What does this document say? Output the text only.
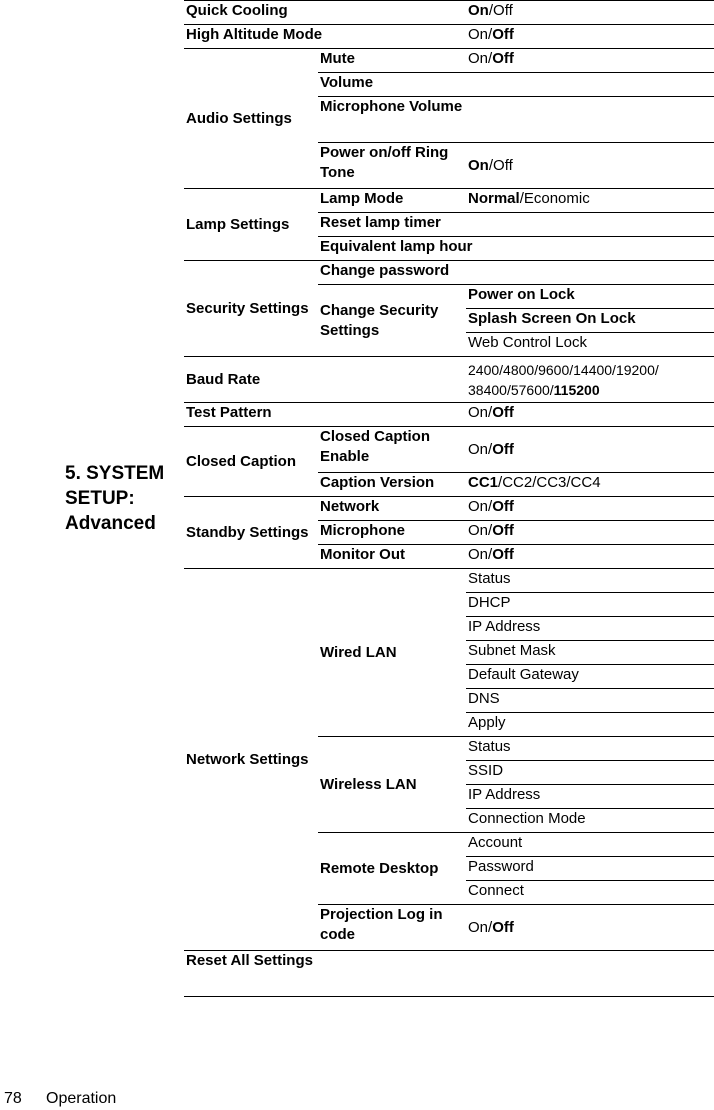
5. SYSTEM SETUP: Advanced	Quick Cooling		On/Off
	High Altitude Mode		On/Off
	Audio Settings	Mute	On/Off
		Volume	
		Microphone Volume	
		Power on/off Ring Tone	On/Off
	Lamp Settings	Lamp Mode	Normal/Economic
		Reset lamp timer	
		Equivalent lamp hour	
	Security Settings	Change password	
		Change Security Settings	Power on Lock
			Splash Screen On Lock
			Web Control Lock
	Baud Rate		2400/4800/9600/14400/19200/
38400/57600/115200
	Test Pattern		On/Off
	Closed Caption	Closed Caption Enable	On/Off
		Caption Version	CC1/CC2/CC3/CC4
	Standby Settings	Network	On/Off
		Microphone	On/Off
		Monitor Out	On/Off
	Network Settings	Wired LAN	Status
			DHCP
			IP Address
			Subnet Mask
			Default Gateway
			DNS
			Apply
		Wireless LAN	Status
			SSID
			IP Address
			Connection Mode
		Remote Desktop	Account
			Password
			Connect
		Projection Log in code	On/Off
	Reset All Settings		
78 Operation
